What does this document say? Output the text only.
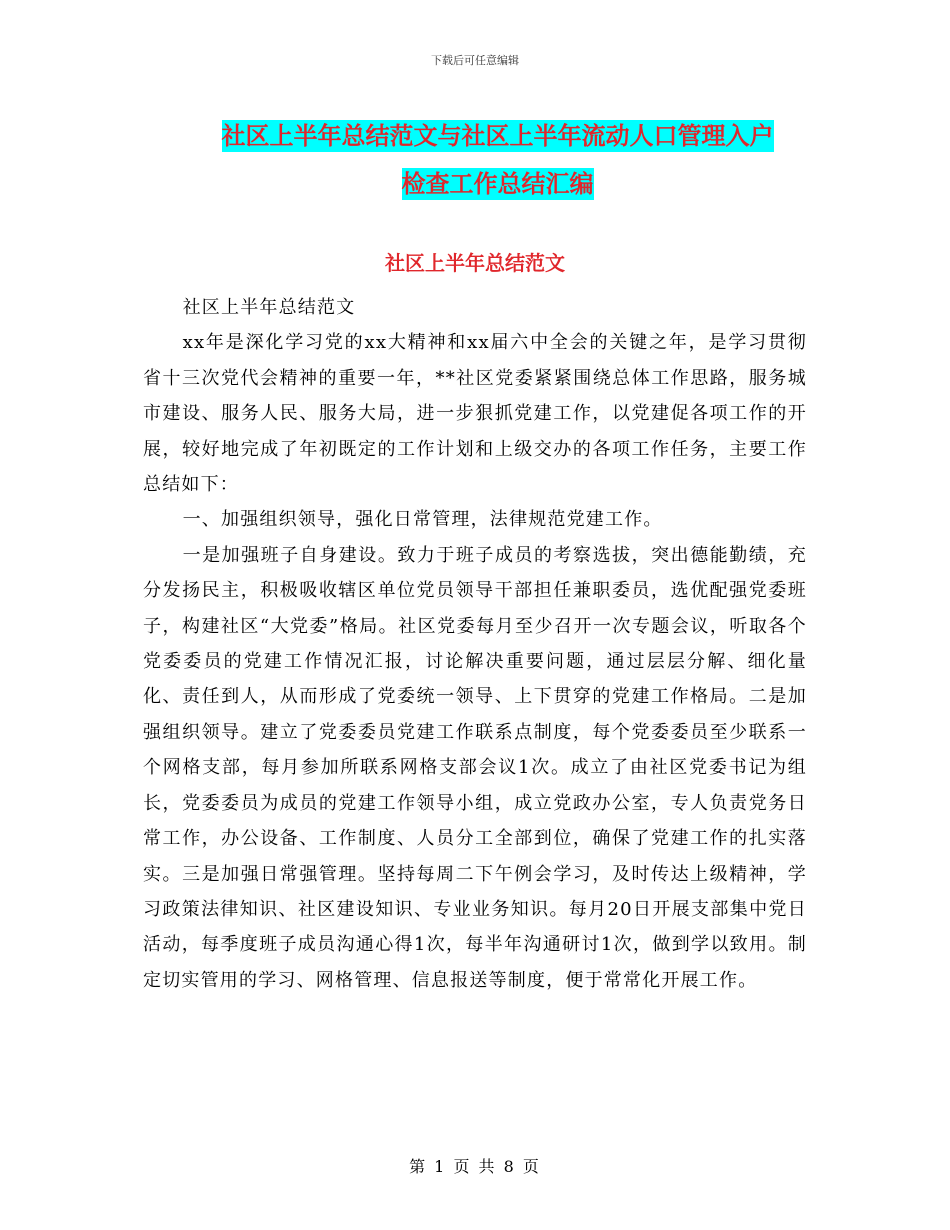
下载后可任意编辑
社区上半年总结范文与社区上半年流动人口管理入户
检查工作总结汇编
社区上半年总结范文

社区上半年总结范文

xx年是深化学习党的xx大精神和xx届六中全会的关键之年，是学习贯彻省十三次党代会精神的重要一年，**社区党委紧紧围绕总体工作思路，服务城市建设、服务人民、服务大局，进一步狠抓党建工作，以党建促各项工作的开展，较好地完成了年初既定的工作计划和上级交办的各项工作任务，主要工作总结如下：

一、加强组织领导，强化日常管理，法律规范党建工作。

一是加强班子自身建设。致力于班子成员的考察选拔，突出德能勤绩，充分发扬民主，积极吸收辖区单位党员领导干部担任兼职委员，选优配强党委班子，构建社区“大党委”格局。社区党委每月至少召开一次专题会议，听取各个党委委员的党建工作情况汇报，讨论解决重要问题，通过层层分解、细化量化、责任到人，从而形成了党委统一领导、上下贯穿的党建工作格局。二是加强组织领导。建立了党委委员党建工作联系点制度，每个党委委员至少联系一个网格支部，每月参加所联系网格支部会议1次。成立了由社区党委书记为组长，党委委员为成员的党建工作领导小组，成立党政办公室，专人负责党务日常工作，办公设备、工作制度、人员分工全部到位，确保了党建工作的扎实落实。三是加强日常强管理。坚持每周二下午例会学习，及时传达上级精神，学习政策法律知识、社区建设知识、专业业务知识。每月20日开展支部集中党日活动，每季度班子成员沟通心得1次，每半年沟通研讨1次，做到学以致用。制定切实管用的学习、网格管理、信息报送等制度，便于常常化开展工作。

第 1 页 共 8 页
